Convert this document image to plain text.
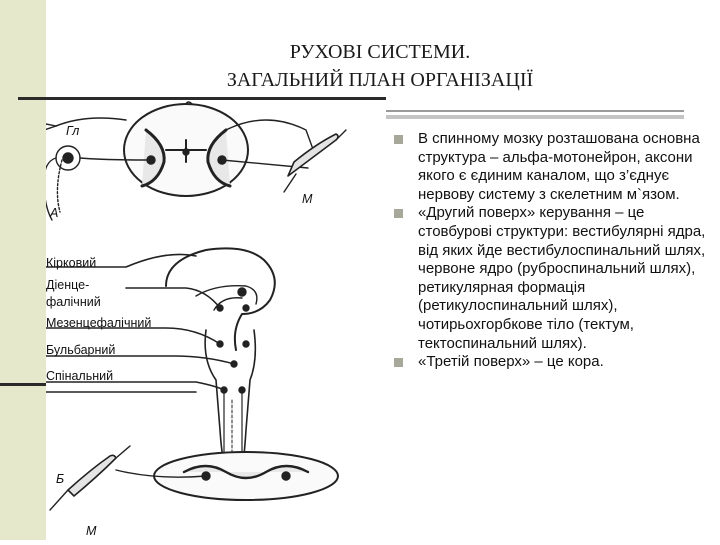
РУХОВІ СИСТЕМИ.
ЗАГАЛЬНИЙ ПЛАН ОРГАНІЗАЦІЇ
Гл
А
М
Б
М
Кірковий
Діенце-
фалічний
Мезенцефалічний
Бульбарний
Спінальний
В спинному мозку розташована основна структура – альфа-мотонейрон, аксони якого є єдиним каналом, що з’єднує нервову систему з скелетним м`язом.
«Другий поверх» керування – це стовбурові структури: вестибулярні ядра, від яких йде вестибулоспинальний шлях, червоне ядро (руброспинальний шлях), ретикулярная формація (ретикулоспинальний шлях), чотирьохгорбкове тіло (тектум, тектоспинальний шлях).
«Третій поверх» – це кора.
